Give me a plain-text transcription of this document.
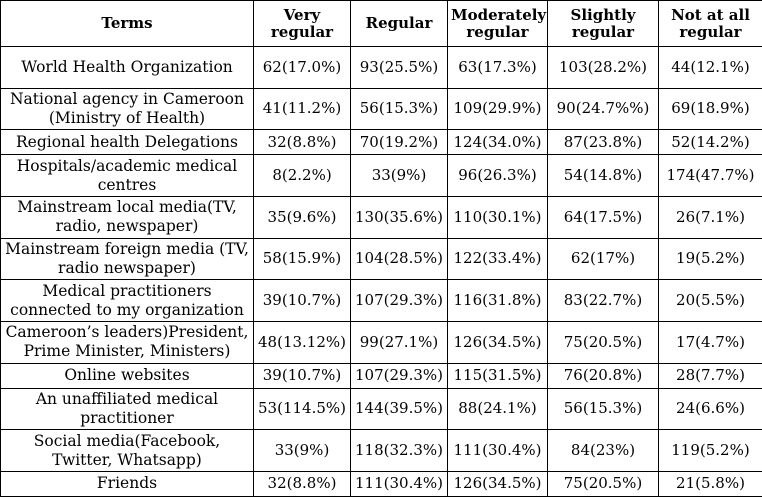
Terms	Very regular	Regular	Moderately regular	Slightly regular	Not at all regular
World Health Organization	62(17.0%)	93(25.5%)	63(17.3%)	103(28.2%)	44(12.1%)
National agency in Cameroon (Ministry of Health)	41(11.2%)	56(15.3%)	109(29.9%)	90(24.7%%)	69(18.9%)
Regional health Delegations	32(8.8%)	70(19.2%)	124(34.0%)	87(23.8%)	52(14.2%)
Hospitals/academic medical centres	8(2.2%)	33(9%)	96(26.3%)	54(14.8%)	174(47.7%)
Mainstream local media(TV, radio, newspaper)	35(9.6%)	130(35.6%)	110(30.1%)	64(17.5%)	26(7.1%)
Mainstream foreign media (TV, radio newspaper)	58(15.9%)	104(28.5%)	122(33.4%)	62(17%)	19(5.2%)
Medical practitioners connected to my organization	39(10.7%)	107(29.3%)	116(31.8%)	83(22.7%)	20(5.5%)
Cameroon’s leaders)President, Prime Minister, Ministers)	48(13.12%)	99(27.1%)	126(34.5%)	75(20.5%)	17(4.7%)
Online websites	39(10.7%)	107(29.3%)	115(31.5%)	76(20.8%)	28(7.7%)
An unaffiliated medical practitioner	53(114.5%)	144(39.5%)	88(24.1%)	56(15.3%)	24(6.6%)
Social media(Facebook, Twitter, Whatsapp)	33(9%)	118(32.3%)	111(30.4%)	84(23%)	119(5.2%)
Friends	32(8.8%)	111(30.4%)	126(34.5%)	75(20.5%)	21(5.8%)
